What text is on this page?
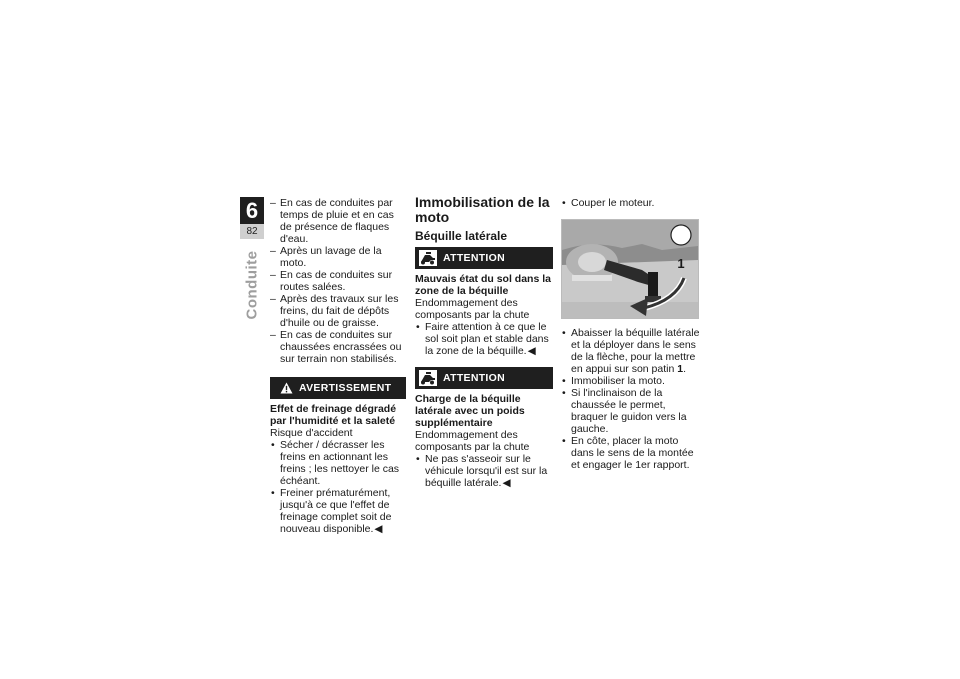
6
82
Conduite
– En cas de conduites par temps de pluie et en cas de présence de flaques d'eau.
– Après un lavage de la moto.
– En cas de conduites sur routes salées.
– Après des travaux sur les freins, du fait de dépôts d'huile ou de graisse.
– En cas de conduites sur chaussées encrassées ou sur terrain non stabilisés.
AVERTISSEMENT
Effet de freinage dégradé par l'humidité et la saleté
Risque d'accident
• Sécher / décrasser les freins en actionnant les freins ; les nettoyer le cas échéant.
• Freiner prématurément, jusqu'à ce que l'effet de freinage complet soit de nouveau disponible.◀
Immobilisation de la moto
Béquille latérale
ATTENTION
Mauvais état du sol dans la zone de la béquille
Endommagement des composants par la chute
• Faire attention à ce que le sol soit plan et stable dans la zone de la béquille.◀
ATTENTION
Charge de la béquille latérale avec un poids supplémentaire
Endommagement des composants par la chute
• Ne pas s'asseoir sur le véhicule lorsqu'il est sur la béquille latérale.◀
• Couper le moteur.
1
• Abaisser la béquille latérale et la déployer dans le sens de la flèche, pour la mettre en appui sur son patin 1.
• Immobiliser la moto.
• Si l'inclinaison de la chaussée le permet, braquer le guidon vers la gauche.
• En côte, placer la moto dans le sens de la montée et engager le 1er rapport.
